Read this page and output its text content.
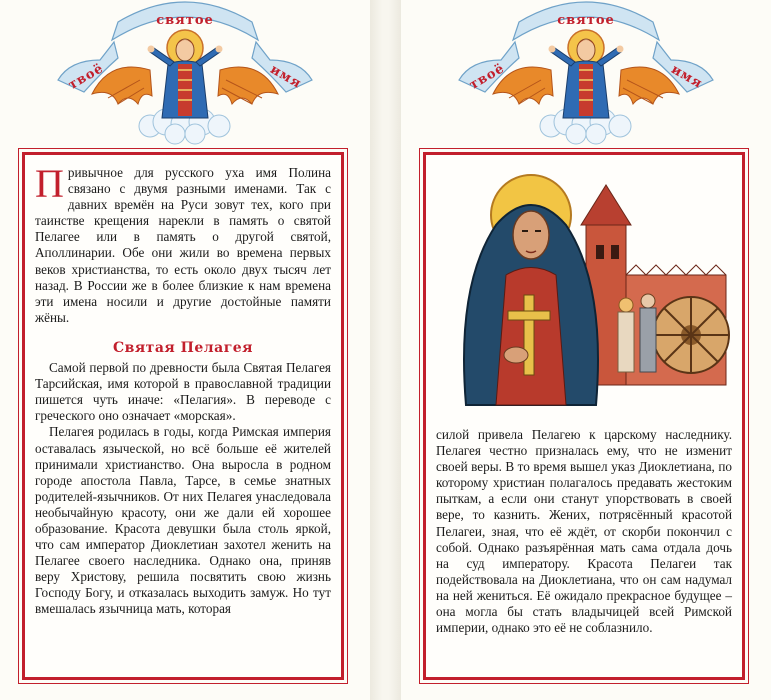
святое
твоё	имя

Привычное для русского уха имя Полина связано с двумя разными именами. Так с давних времён на Руси зовут тех, кого при таинстве крещения нарекли в память о святой Пелагее или в память о другой святой, Аполлинарии. Обе они жили во времена первых веков христианства, то есть около двух тысяч лет назад. В России же в более близкие к нам времена эти имена носили и другие достойные памяти жёны.

Святая Пелагея

Самой первой по древности была Святая Пелагея Тарсийская, имя которой в православной традиции пишется чуть иначе: «Пелагия». В переводе с греческого оно означает «морская».

Пелагея родилась в годы, когда Римская империя оставалась языческой, но всё больше её жителей принимали христианство. Она выросла в родном городе апостола Павла, Тарсе, в семье знатных родителей-язычников. От них Пелагея унаследовала необычайную красоту, они же дали ей хорошее образование. Красота девушки была столь яркой, что сам император Диоклетиан захотел женить на Пелагее своего наследника. Однако она, приняв веру Христову, решила посвятить свою жизнь Господу Богу, и отказалась выходить замуж. Но тут вмешалась язычница мать, которая

святое
твоё	имя

силой привела Пелагею к царскому наследнику. Пелагея честно призналась ему, что не изменит своей веры. В то время вышел указ Диоклетиана, по которому христиан полагалось предавать жестоким пыткам, а если они станут упорствовать в своей вере, то казнить. Жених, потрясённый красотой Пелагеи, зная, что её ждёт, от скорби покончил с собой. Однако разъярённая мать сама отдала дочь на суд императору. Красота Пелагеи так подействовала на Диоклетиана, что он сам надумал на ней жениться. Её ожидало прекрасное будущее – она могла бы стать владычицей всей Римской империи, однако это её не соблазнило.
